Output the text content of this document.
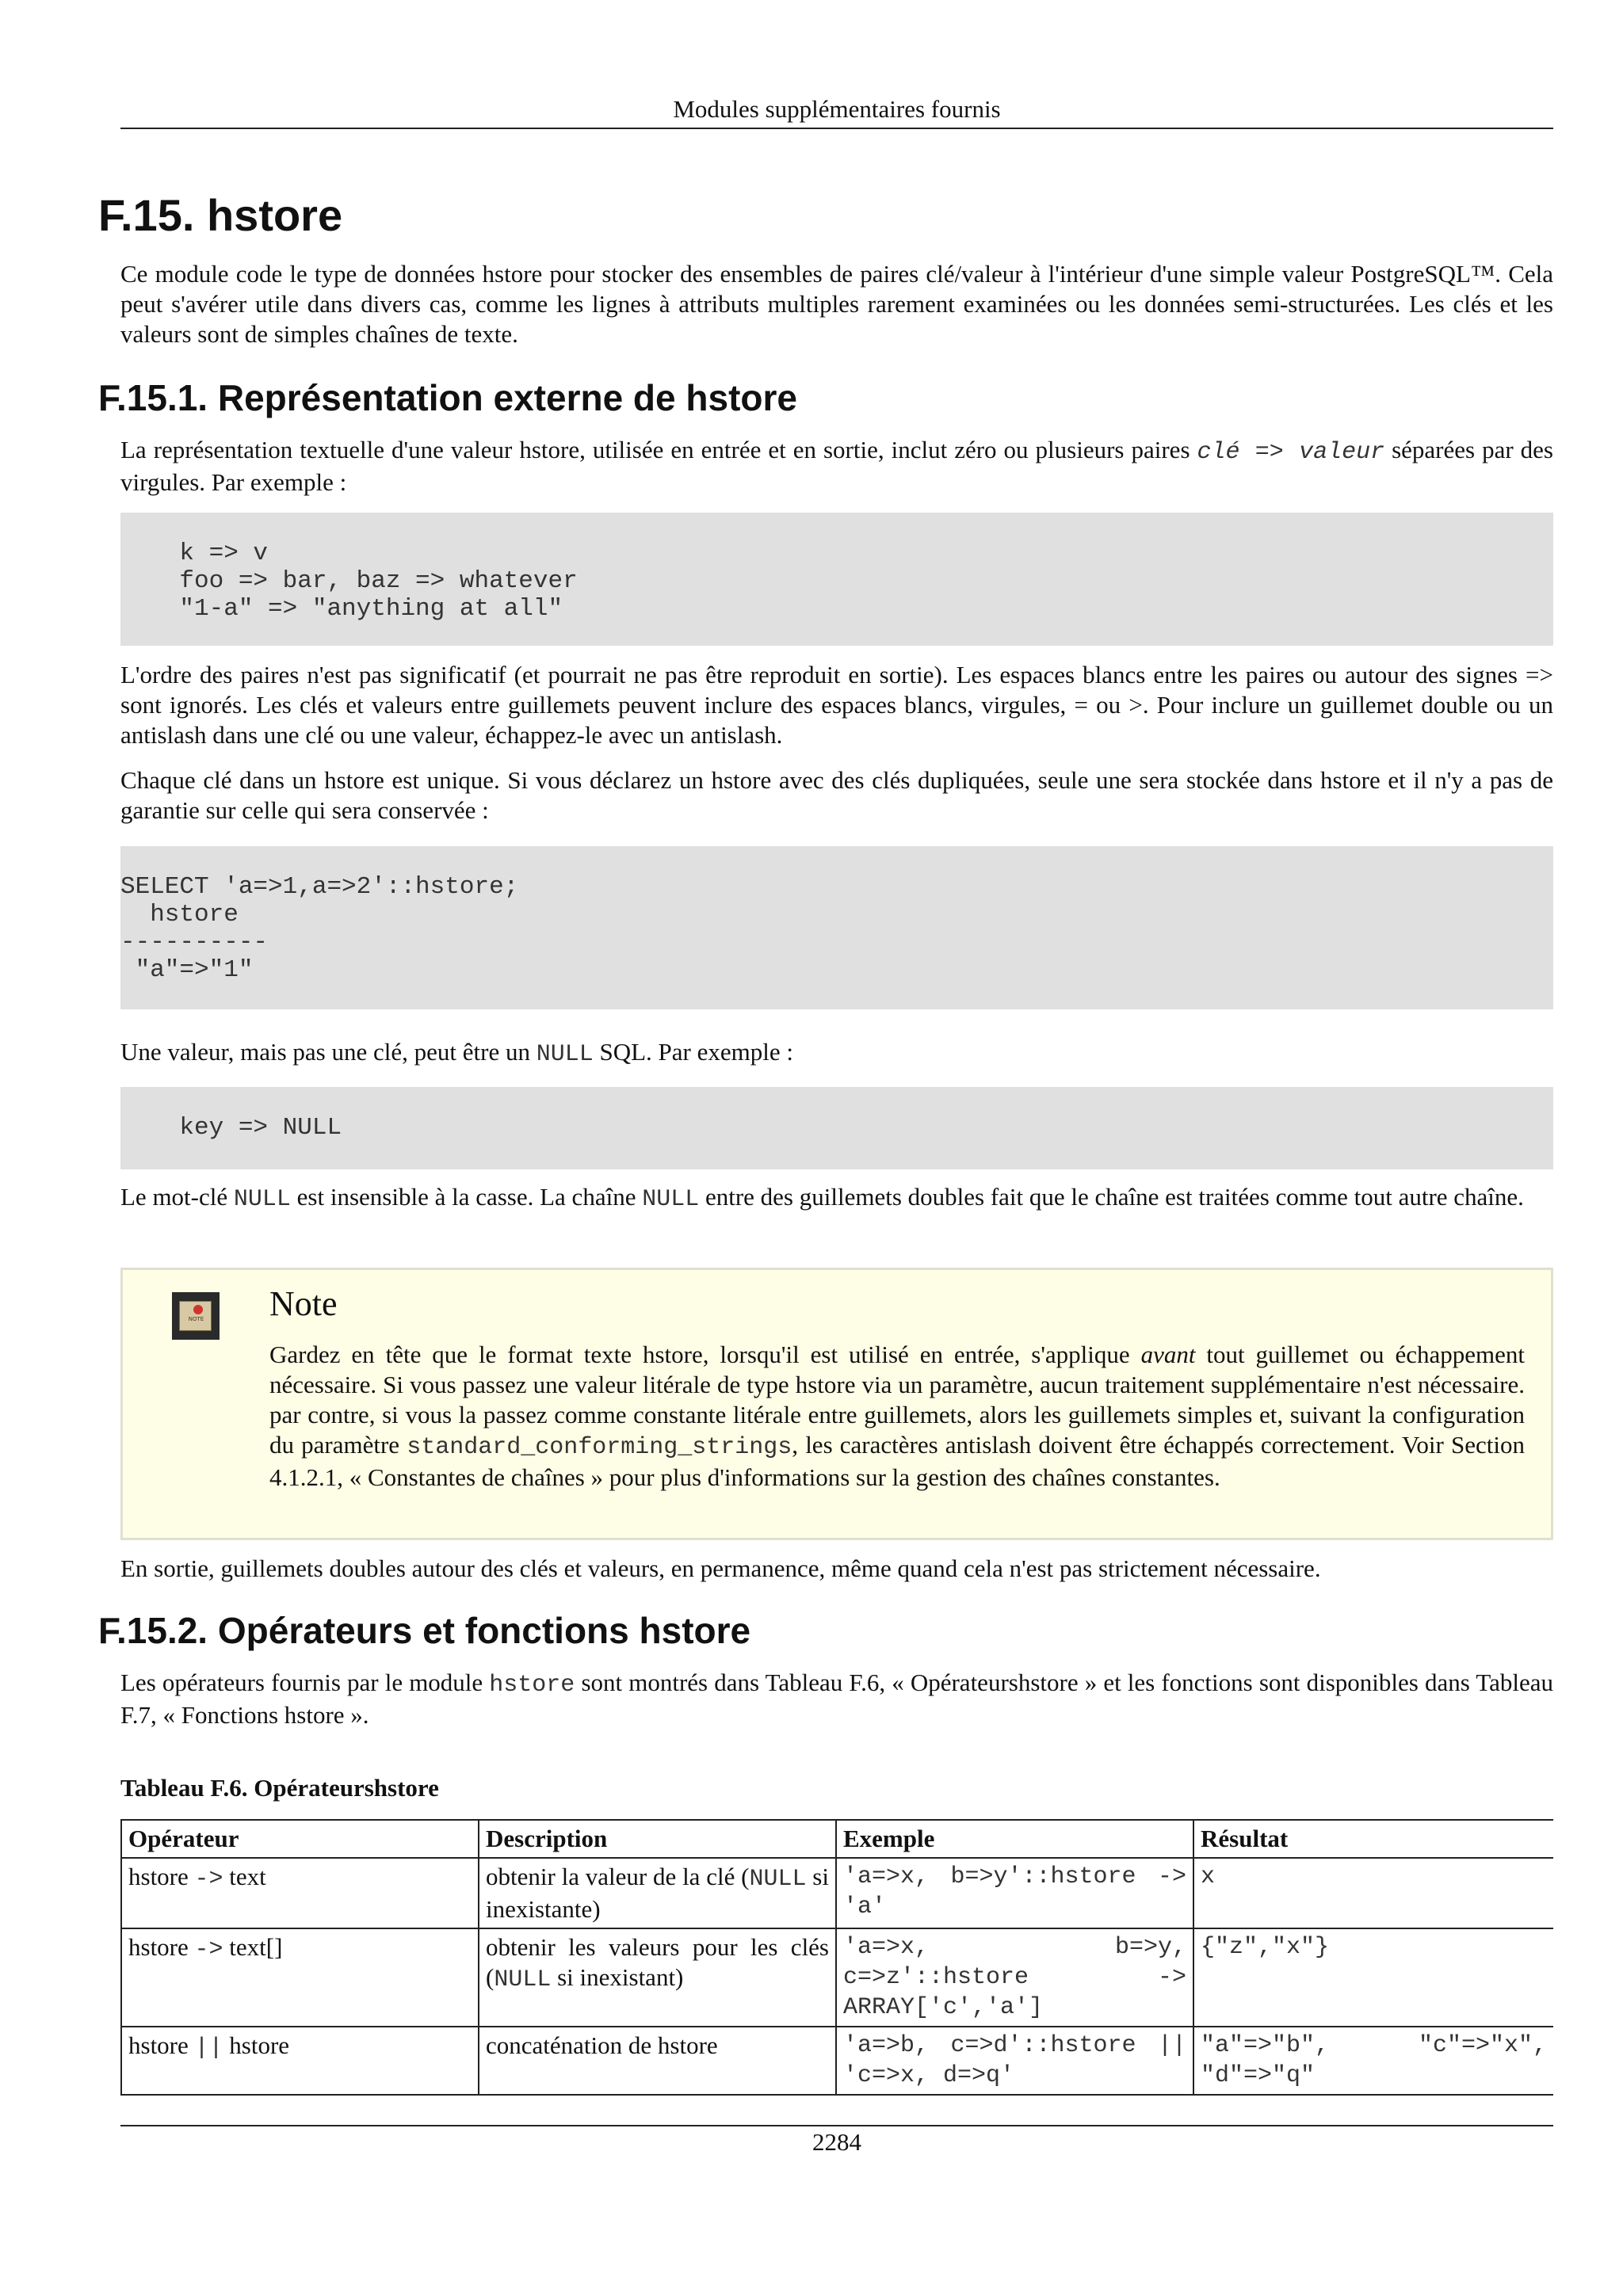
Modules supplémentaires fournis
F.15. hstore

Ce module code le type de données hstore pour stocker des ensembles de paires clé/valeur à l'intérieur d'une simple valeur PostgreSQL™. Cela peut s'avérer utile dans divers cas, comme les lignes à attributs multiples rarement examinées ou les données semi-structurées. Les clés et les valeurs sont de simples chaînes de texte.

F.15.1. Représentation externe de hstore

La représentation textuelle d'une valeur hstore, utilisée en entrée et en sortie, inclut zéro ou plusieurs paires clé => valeur séparées par des virgules. Par exemple :

k => v
foo => bar, baz => whatever
"1-a" => "anything at all"

L'ordre des paires n'est pas significatif (et pourrait ne pas être reproduit en sortie). Les espaces blancs entre les paires ou autour des signes => sont ignorés. Les clés et valeurs entre guillemets peuvent inclure des espaces blancs, virgules, = ou >. Pour inclure un guillemet double ou un antislash dans une clé ou une valeur, échappez-le avec un antislash.

Chaque clé dans un hstore est unique. Si vous déclarez un hstore avec des clés dupliquées, seule une sera stockée dans hstore et il n'y a pas de garantie sur celle qui sera conservée :

SELECT 'a=>1,a=>2'::hstore;
hstore
----------
"a"=>"1"

Une valeur, mais pas une clé, peut être un NULL SQL. Par exemple :

key => NULL

Le mot-clé NULL est insensible à la casse. La chaîne NULL entre des guillemets doubles fait que le chaîne est traitées comme tout autre chaîne.

NOTE Note
Gardez en tête que le format texte hstore, lorsqu'il est utilisé en entrée, s'applique avant tout guillemet ou échappement nécessaire. Si vous passez une valeur litérale de type hstore via un paramètre, aucun traitement supplémentaire n'est nécessaire. par contre, si vous la passez comme constante litérale entre guillemets, alors les guillemets simples et, suivant la configuration du paramètre standard_conforming_strings, les caractères antislash doivent être échappés correctement. Voir Section 4.1.2.1, « Constantes de chaînes » pour plus d'informations sur la gestion des chaînes constantes.

En sortie, guillemets doubles autour des clés et valeurs, en permanence, même quand cela n'est pas strictement nécessaire.

F.15.2. Opérateurs et fonctions hstore

Les opérateurs fournis par le module hstore sont montrés dans Tableau F.6, « Opérateurshstore » et les fonctions sont disponibles dans Tableau F.7, « Fonctions hstore ».

Tableau F.6. Opérateurshstore
Opérateur	Description	Exemple	Résultat
hstore -> text	obtenir la valeur de la clé (NULL si inexistante)	'a=>x, b=>y'::hstore -> 'a'	x
hstore -> text[]	obtenir les valeurs pour les clés (NULL si inexistant)	'a=>x, b=>y, c=>z'::hstore -> ARRAY['c','a']	{"z","x"}
hstore || hstore	concaténation de hstore	'a=>b, c=>d'::hstore || 'c=>x, d=>q'	"a"=>"b", "c"=>"x", "d"=>"q"
2284
